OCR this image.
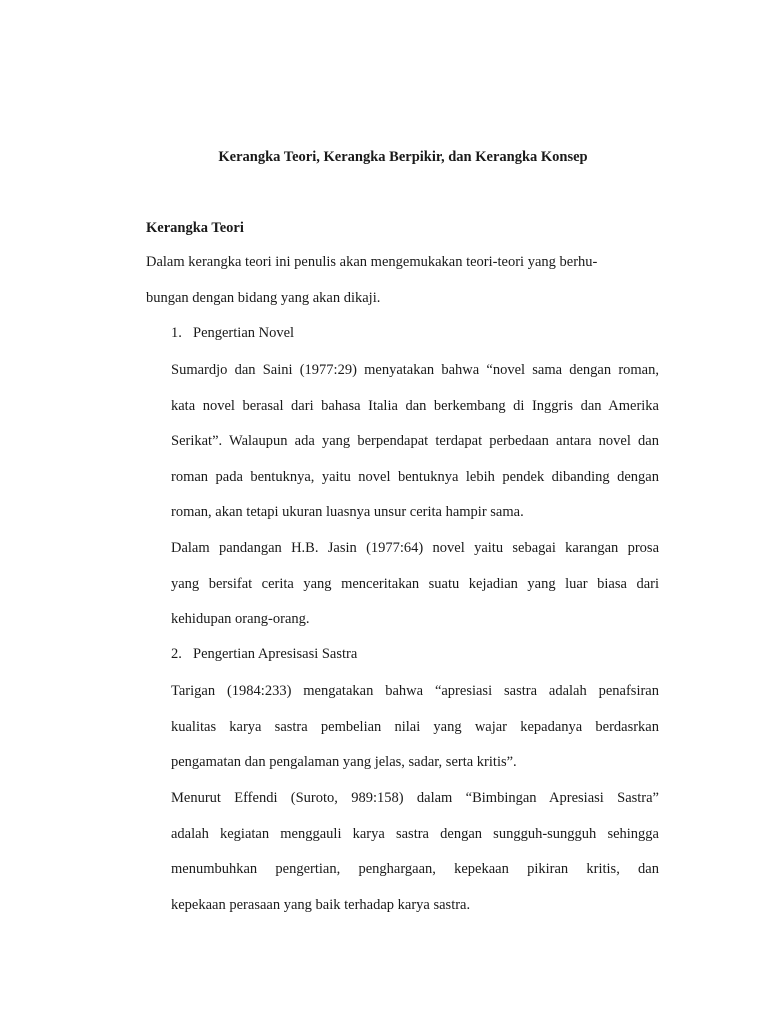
Kerangka Teori, Kerangka Berpikir, dan Kerangka Konsep
Kerangka Teori

Dalam kerangka teori ini penulis akan mengemukakan teori-teori yang berhu-
bungan dengan bidang yang akan dikaji.

1. Pengertian Novel

Sumardjo dan Saini (1977:29) menyatakan bahwa “novel sama dengan roman,
kata novel berasal dari bahasa Italia dan berkembang di Inggris dan Amerika
Serikat”. Walaupun ada yang berpendapat terdapat perbedaan antara novel dan
roman pada bentuknya, yaitu novel bentuknya lebih pendek dibanding dengan
roman, akan tetapi ukuran luasnya unsur cerita hampir sama.

Dalam pandangan H.B. Jasin (1977:64) novel yaitu sebagai karangan prosa
yang bersifat cerita yang menceritakan suatu kejadian yang luar biasa dari
kehidupan orang-orang.

2. Pengertian Apresisasi Sastra

Tarigan (1984:233) mengatakan bahwa “apresiasi sastra adalah penafsiran
kualitas karya sastra pembelian nilai yang wajar kepadanya berdasrkan
pengamatan dan pengalaman yang jelas, sadar, serta kritis”.

Menurut Effendi (Suroto, 989:158) dalam “Bimbingan Apresiasi Sastra”
adalah kegiatan menggauli karya sastra dengan sungguh-sungguh sehingga
menumbuhkan pengertian, penghargaan, kepekaan pikiran kritis, dan
kepekaan perasaan yang baik terhadap karya sastra.
